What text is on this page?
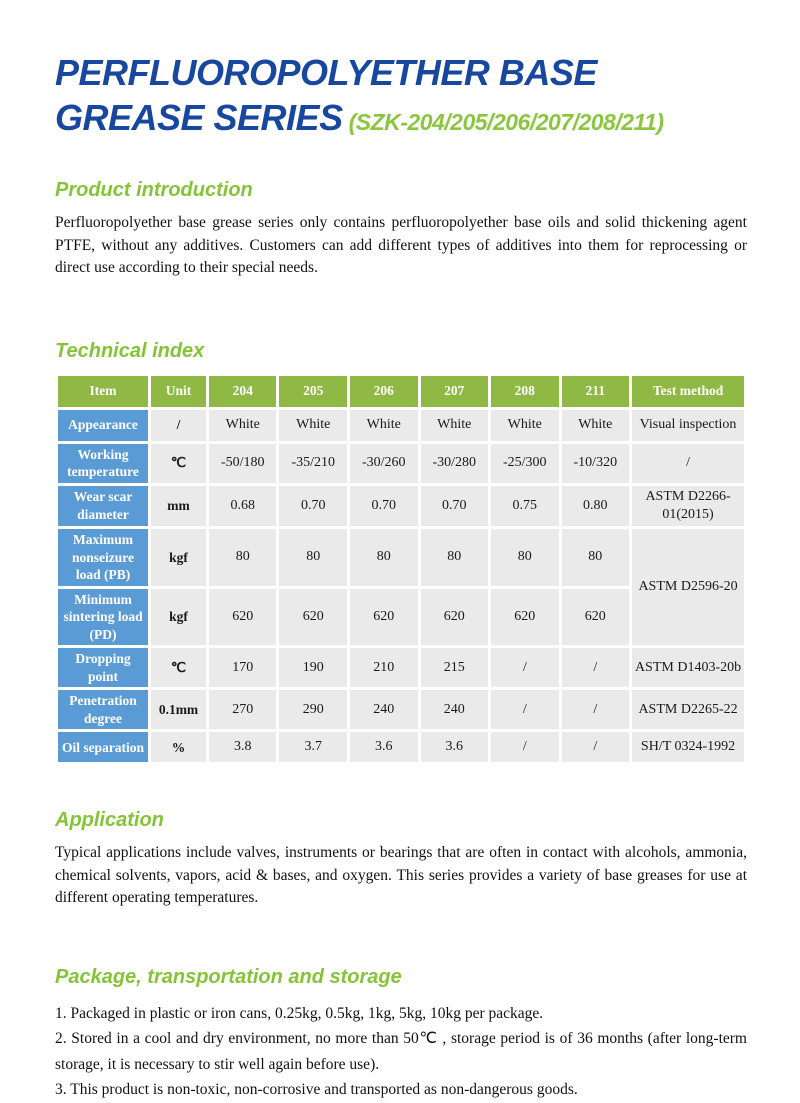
PERFLUOROPOLYETHER BASE
GREASE SERIES (SZK-204/205/206/207/208/211)
Product introduction

Perfluoropolyether base grease series only contains perfluoropolyether base oils and solid thickening agent PTFE, without any additives. Customers can add different types of additives into them for reprocessing or direct use according to their special needs.

Technical index
Item	Unit	204	205	206	207	208	211	Test method
Appearance	/	White	White	White	White	White	White	Visual inspection
Working temperature	℃	-50/180	-35/210	-30/260	-30/280	-25/300	-10/320	/
Wear scar diameter	mm	0.68	0.70	0.70	0.70	0.75	0.80	ASTM D2266-01(2015)
Maximum nonseizure load (PB)	kgf	80	80	80	80	80	80	ASTM D2596-20
Minimum sintering load (PD)	kgf	620	620	620	620	620	620	
Dropping point	℃	170	190	210	215	/	/	ASTM D1403-20b
Penetration degree	0.1mm	270	290	240	240	/	/	ASTM D2265-22
Oil separation	%	3.8	3.7	3.6	3.6	/	/	SH/T 0324-1992
Application

Typical applications include valves, instruments or bearings that are often in contact with alcohols, ammonia, chemical solvents, vapors, acid & bases, and oxygen. This series provides a variety of base greases for use at different operating temperatures.

Package, transportation and storage
1. Packaged in plastic or iron cans, 0.25kg, 0.5kg, 1kg, 5kg, 10kg per package.
2. Stored in a cool and dry environment, no more than 50℃ , storage period is of 36 months (after long-term storage, it is necessary to stir well again before use).
3. This product is non-toxic, non-corrosive and transported as non-dangerous goods.
